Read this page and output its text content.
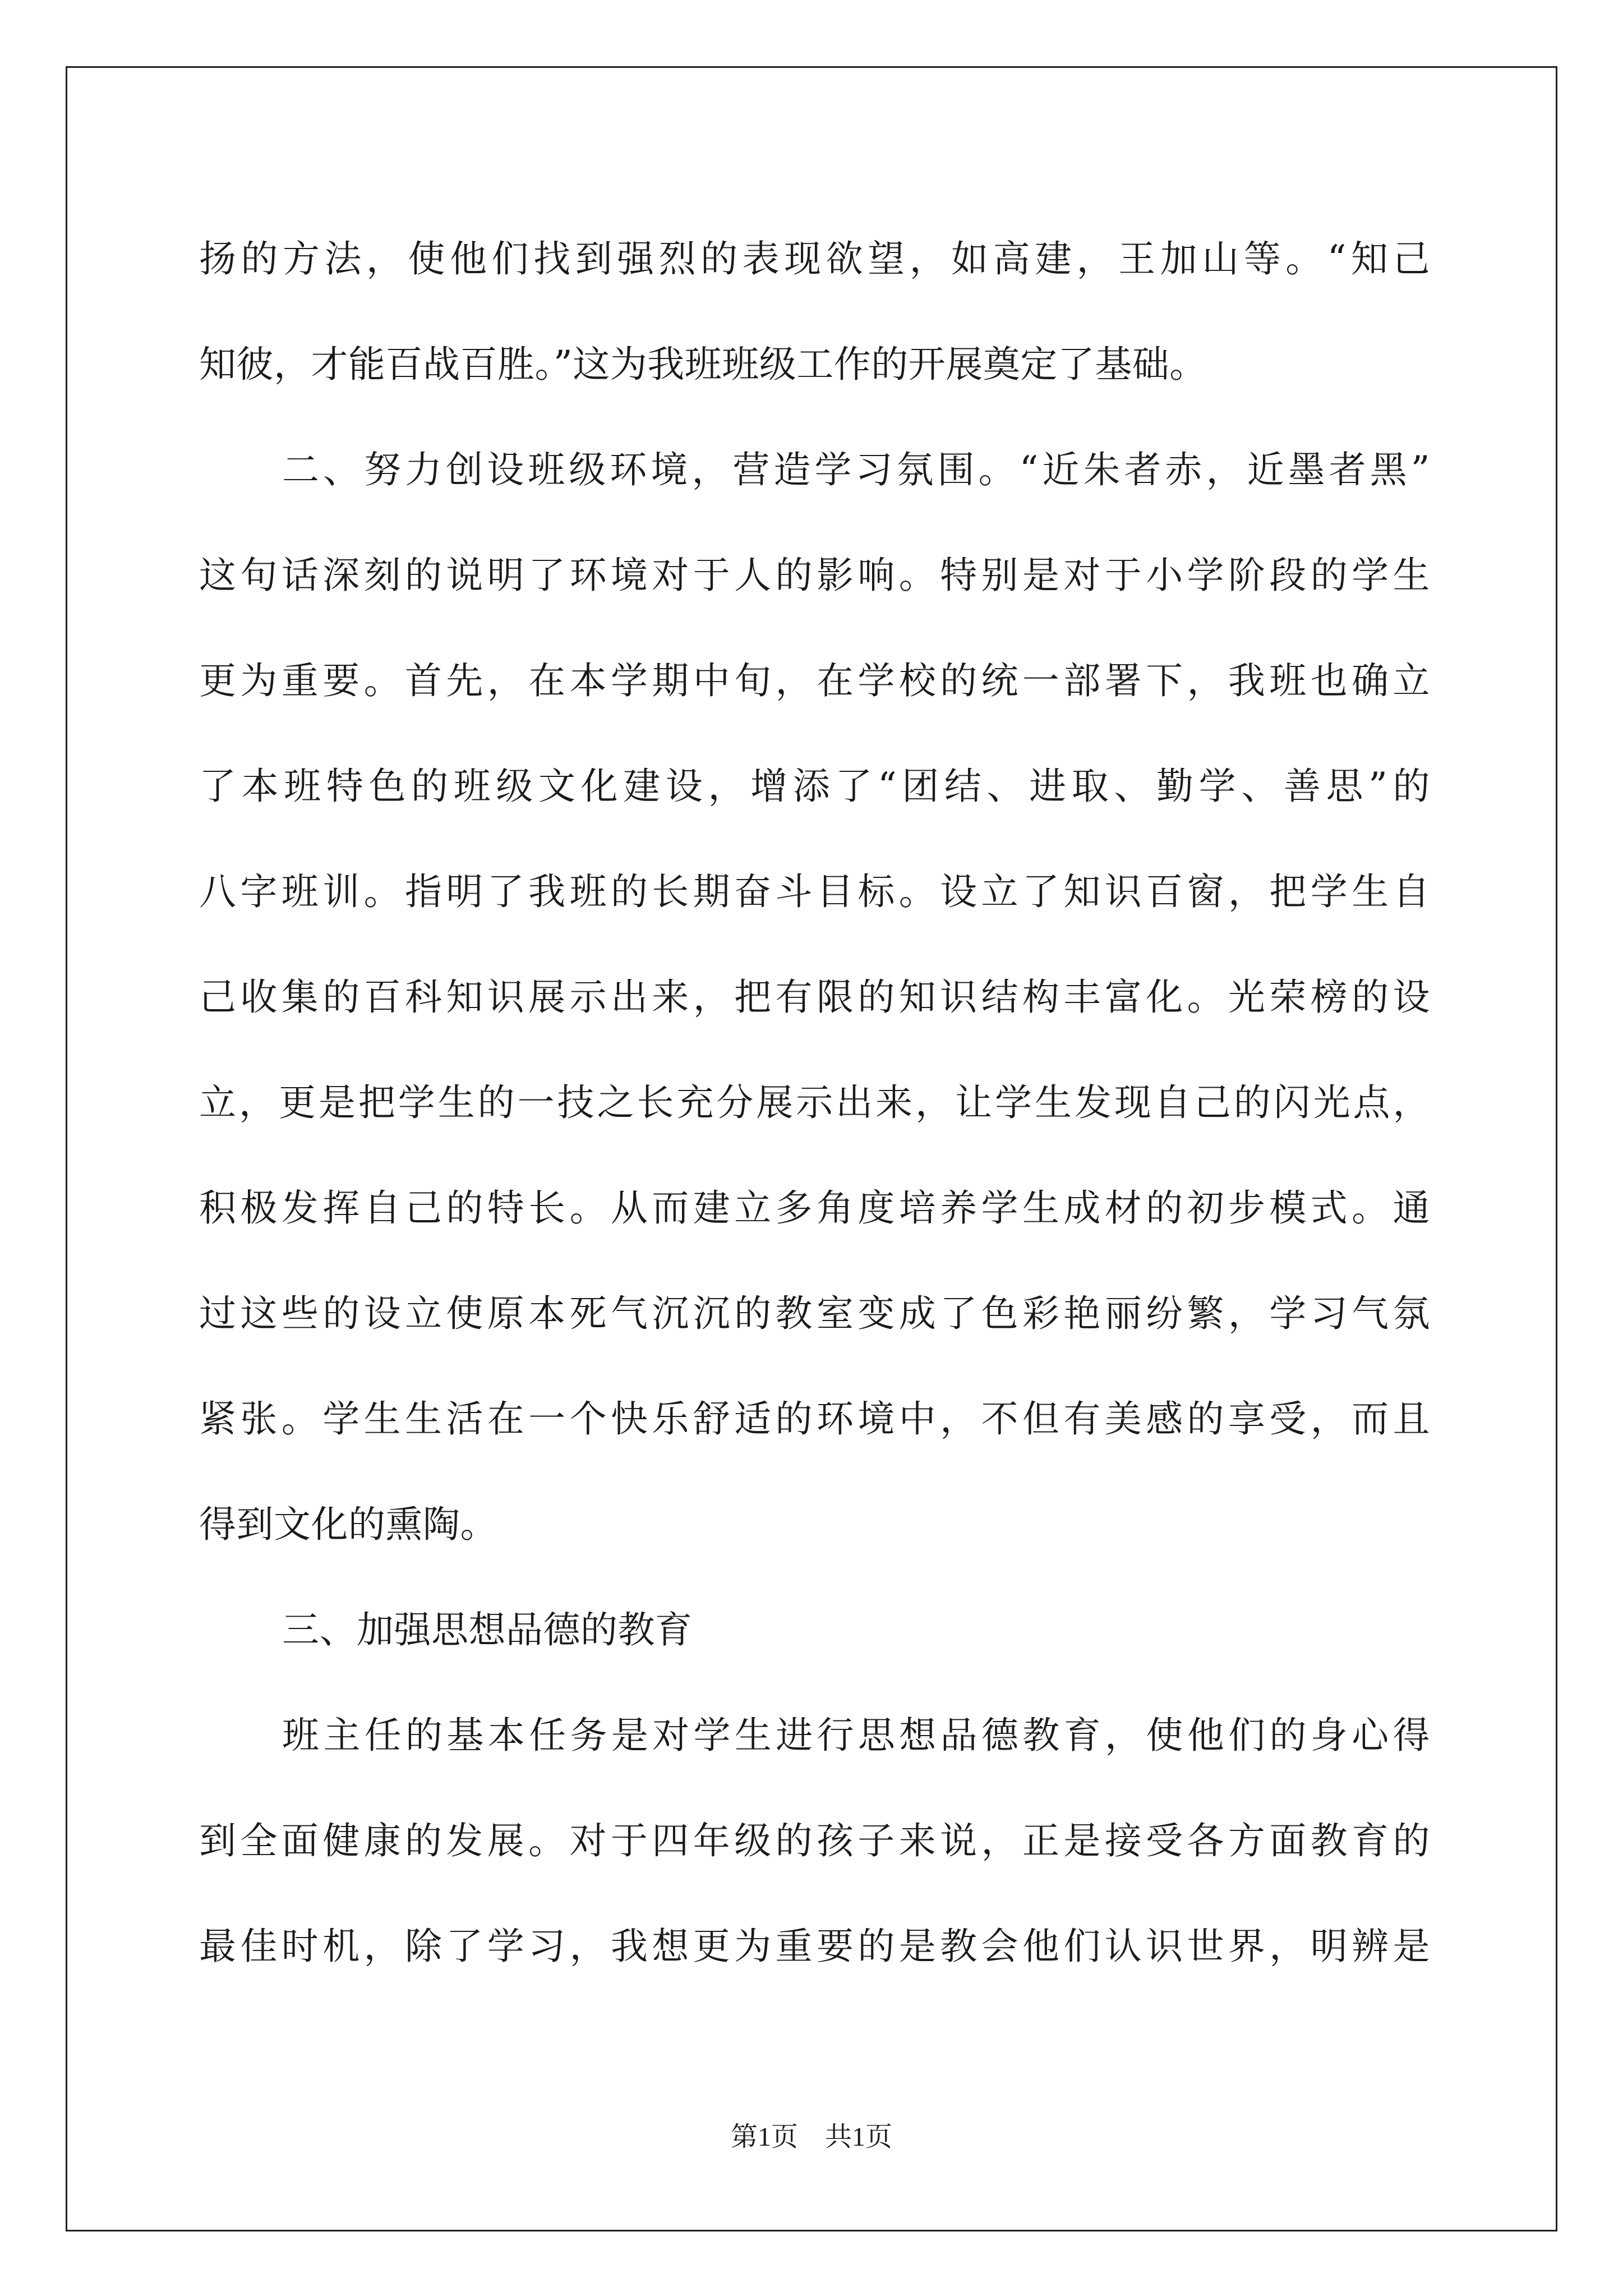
扬的方法，使他们找到强烈的表现欲望，如高建，王加山等。“知己
知彼，才能百战百胜。”这为我班班级工作的开展奠定了基础。
二、努力创设班级环境，营造学习氛围。“近朱者赤，近墨者黑”
这句话深刻的说明了环境对于人的影响。特别是对于小学阶段的学生
更为重要。首先，在本学期中旬，在学校的统一部署下，我班也确立
了本班特色的班级文化建设，增添了“团结、进取、勤学、善思”的
八字班训。指明了我班的长期奋斗目标。设立了知识百窗，把学生自
己收集的百科知识展示出来，把有限的知识结构丰富化。光荣榜的设
立，更是把学生的一技之长充分展示出来，让学生发现自己的闪光点，
积极发挥自己的特长。从而建立多角度培养学生成材的初步模式。通
过这些的设立使原本死气沉沉的教室变成了色彩艳丽纷繁，学习气氛
紧张。学生生活在一个快乐舒适的环境中，不但有美感的享受，而且
得到文化的熏陶。
三、加强思想品德的教育
班主任的基本任务是对学生进行思想品德教育，使他们的身心得
到全面健康的发展。对于四年级的孩子来说，正是接受各方面教育的
最佳时机，除了学习，我想更为重要的是教会他们认识世界，明辨是
第1页 共1页
